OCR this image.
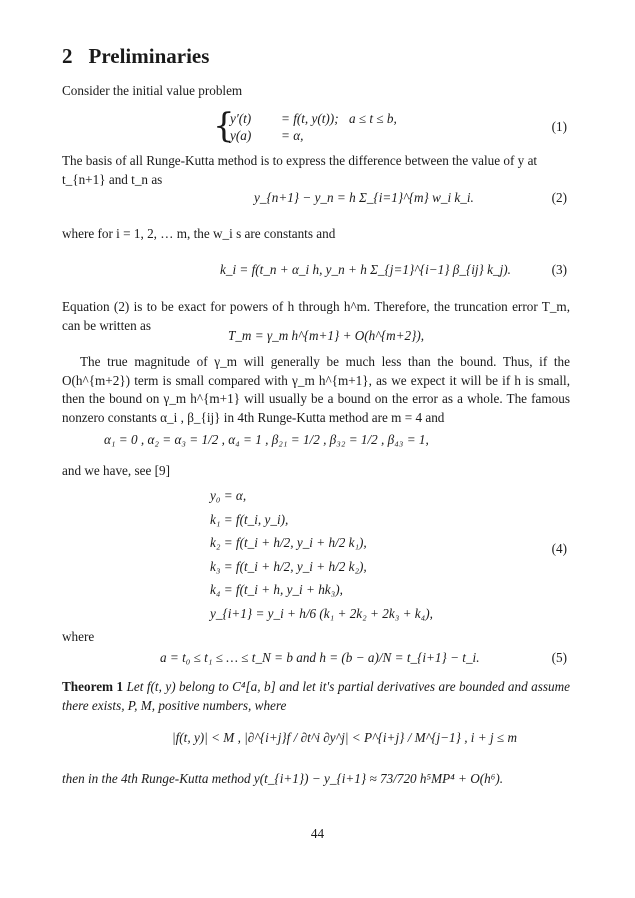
2 Preliminaries
Consider the initial value problem
{
y′(t) = f(t, y(t)); a ≤ t ≤ b,
y(a) = α,
(1)
The basis of all Runge-Kutta method is to express the difference between the value of y at
t_{n+1} and t_n as
y_{n+1} − y_n = h Σ_{i=1}^{m} w_i k_i.	(2)
where for i = 1, 2, … m, the w_i s are constants and
k_i = f(t_n + α_i h, y_n + h Σ_{j=1}^{i−1} β_{ij} k_j).	(3)
Equation (2) is to be exact for powers of h through h^m. Therefore, the truncation error T_m, can be written as
T_m = γ_m h^{m+1} + O(h^{m+2}),
The true magnitude of γ_m will generally be much less than the bound. Thus, if the O(h^{m+2}) term is small compared with γ_m h^{m+1}, as we expect it will be if h is small, then the bound on γ_m h^{m+1} will usually be a bound on the error as a whole. The famous nonzero constants α_i , β_{ij} in 4th Runge-Kutta method are m = 4 and
α₁ = 0 , α₂ = α₃ = 1/2 , α₄ = 1 , β₂₁ = 1/2 , β₃₂ = 1/2 , β₄₃ = 1,
and we have, see [9]
y₀ = α,
k₁ = f(t_i, y_i),
k₂ = f(t_i + h/2, y_i + h/2 k₁),
k₃ = f(t_i + h/2, y_i + h/2 k₂),
k₄ = f(t_i + h, y_i + hk₃),
y_{i+1} = y_i + h/6 (k₁ + 2k₂ + 2k₃ + k₄),
(4)
where
a = t₀ ≤ t₁ ≤ … ≤ t_N = b and h = (b − a)/N = t_{i+1} − t_i.	(5)
Theorem 1 Let f(t, y) belong to C⁴[a, b] and let it's partial derivatives are bounded and assume there exists, P, M, positive numbers, where
|f(t, y)| < M , |∂^{i+j}f / ∂t^i ∂y^j| < P^{i+j} / M^{j−1} , i + j ≤ m
then in the 4th Runge-Kutta method y(t_{i+1}) − y_{i+1} ≈ 73/720 h⁵MP⁴ + O(h⁶).
44
